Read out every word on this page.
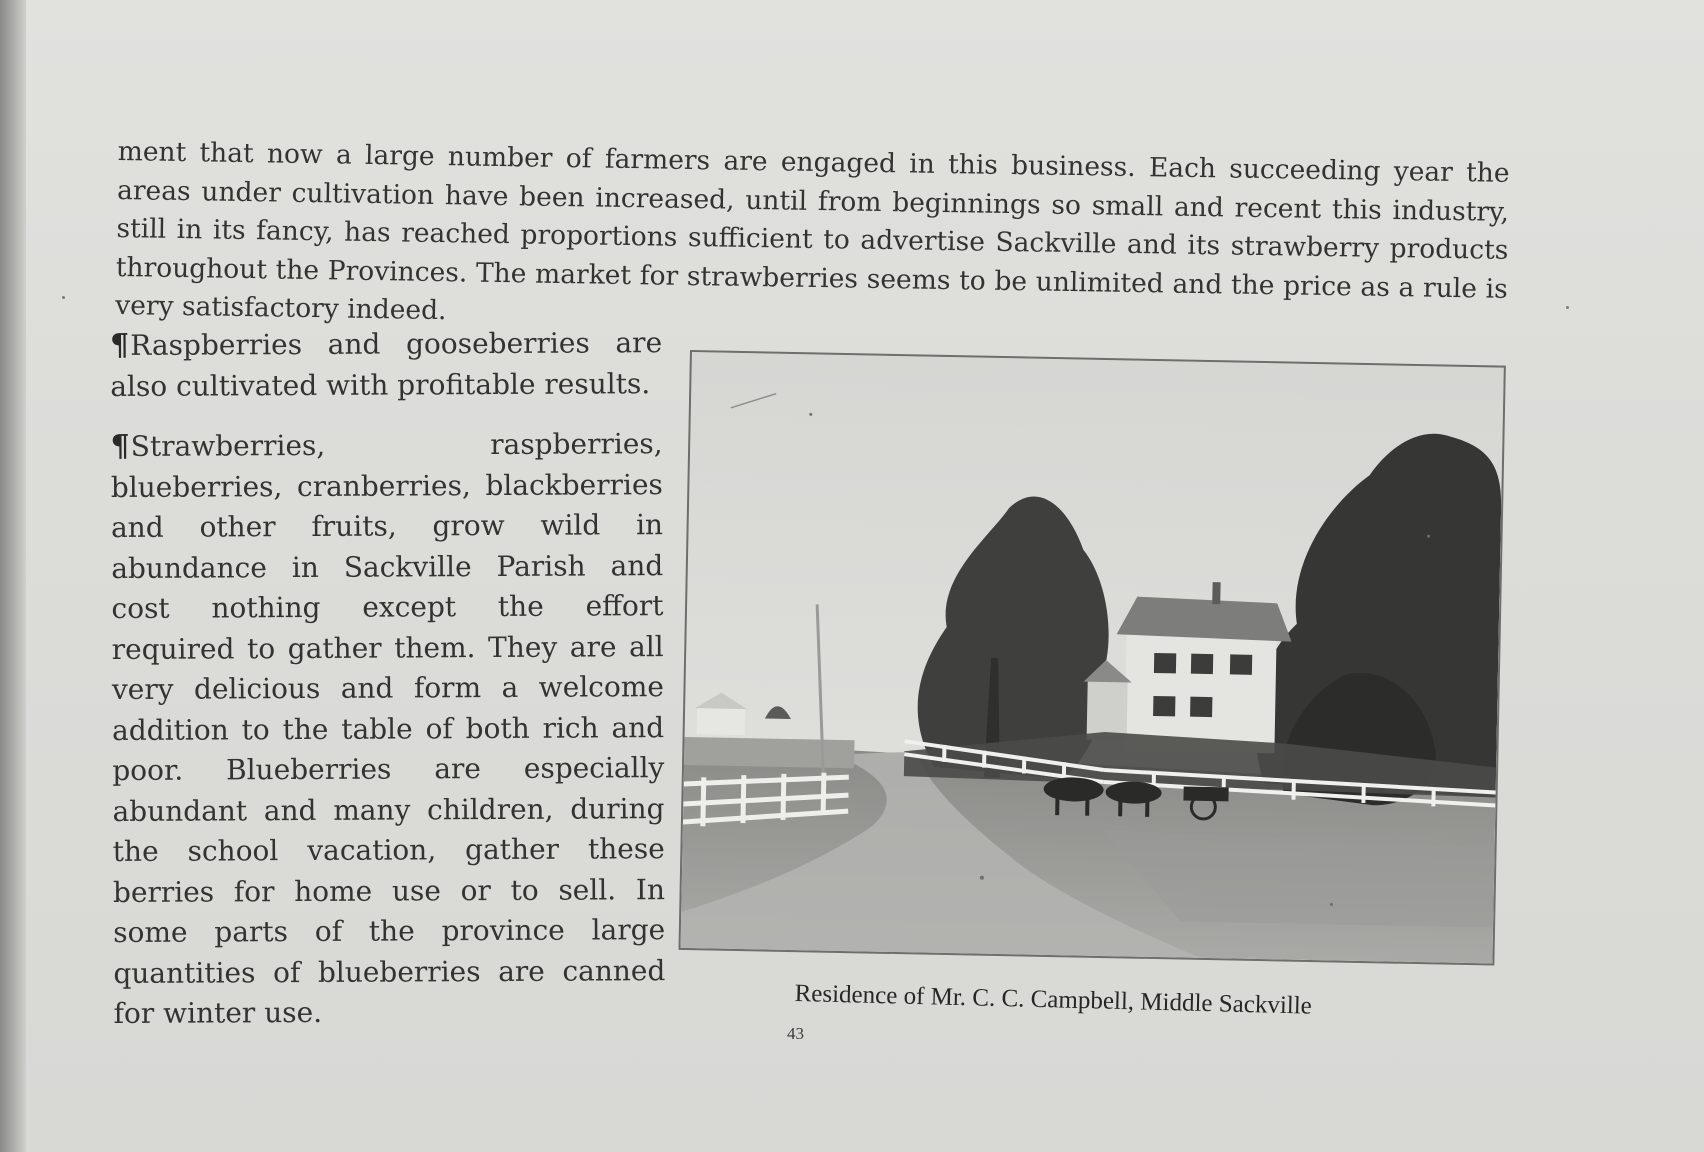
ment that now a large number of farmers are engaged in this business. Each succeeding year the areas under cultivation have been increased, until from beginnings so small and recent this industry, still in its fancy, has reached proportions sufficient to advertise Sackville and its strawberry products throughout the Provinces. The market for strawberries seems to be unlimited and the price as a rule is very satisfactory indeed.

¶Raspberries and gooseberries are also cultivated with profitable results.

¶Strawberries, raspberries, blueberries, cranberries, blackberries and other fruits, grow wild in abundance in Sackville Parish and cost nothing except the effort required to gather them. They are all very delicious and form a welcome addition to the table of both rich and poor. Blueberries are especially abundant and many children, during the school vacation, gather these berries for home use or to sell. In some parts of the province large quantities of blueberries are canned for winter use.	Residence of Mr. C. C. Campbell, Middle Sackville
43
